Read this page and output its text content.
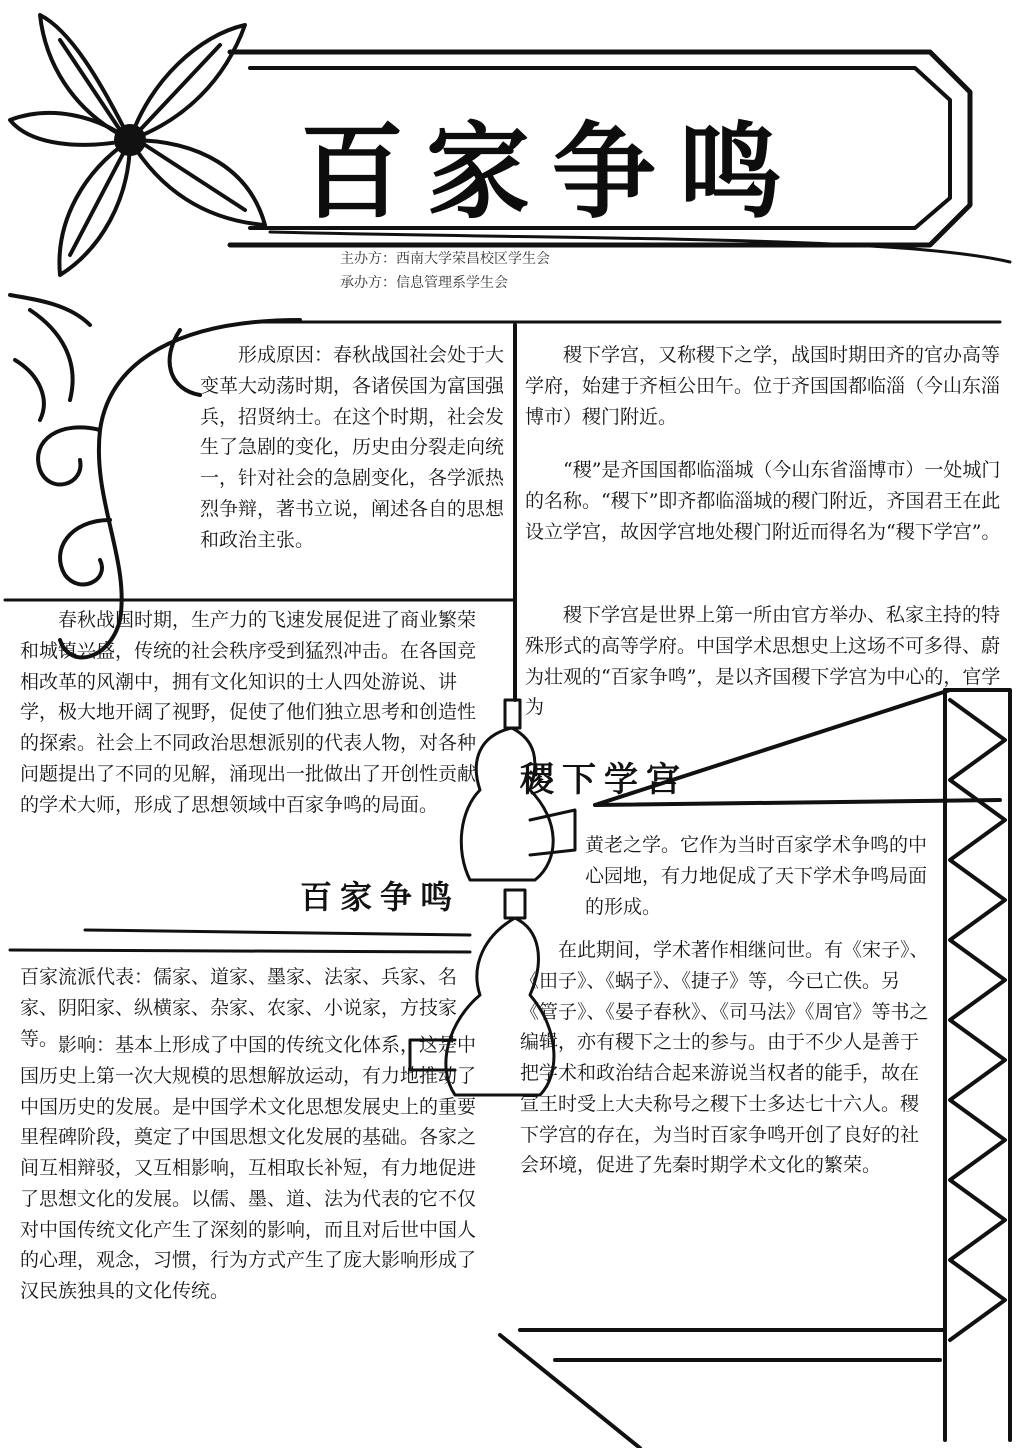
百家争鸣

主办方：西南大学荣昌校区学生会

承办方：信息管理系学生会

形成原因：春秋战国社会处于大变革大动荡时期，各诸侯国为富国强兵，招贤纳士。在这个时期，社会发生了急剧的变化，历史由分裂走向统一，针对社会的急剧变化，各学派热烈争辩，著书立说，阐述各自的思想和政治主张。

春秋战国时期，生产力的飞速发展促进了商业繁荣和城镇兴盛，传统的社会秩序受到猛烈冲击。在各国竞相改革的风潮中，拥有文化知识的士人四处游说、讲学，极大地开阔了视野，促使了他们独立思考和创造性的探索。社会上不同政治思想派别的代表人物，对各种问题提出了不同的见解，涌现出一批做出了开创性贡献的学术大师，形成了思想领域中百家争鸣的局面。

百家争鸣

百家流派代表：儒家、道家、墨家、法家、兵家、名家、阴阳家、纵横家、杂家、农家、小说家，方技家等。 影响：基本上形成了中国的传统文化体系，这是中国历史上第一次大规模的思想解放运动，有力地推动了中国历史的发展。是中国学术文化思想发展史上的重要里程碑阶段，奠定了中国思想文化发展的基础。各家之间互相辩驳，又互相影响，互相取长补短，有力地促进了思想文化的发展。以儒、墨、道、法为代表的它不仅对中国传统文化产生了深刻的影响，而且对后世中国人的心理，观念，习惯，行为方式产生了庞大影响形成了汉民族独具的文化传统。

稷下学宫，又称稷下之学，战国时期田齐的官办高等学府，始建于齐桓公田午。位于齐国国都临淄（今山东淄博市）稷门附近。

“稷”是齐国国都临淄城（今山东省淄博市）一处城门的名称。“稷下”即齐都临淄城的稷门附近，齐国君王在此设立学宫，故因学宫地处稷门附近而得名为“稷下学宫”。

稷下学宫是世界上第一所由官方举办、私家主持的特殊形式的高等学府。中国学术思想史上这场不可多得、蔚为壮观的“百家争鸣”，是以齐国稷下学宫为中心的，官学为

稷下学宫

黄老之学。它作为当时百家学术争鸣的中心园地，有力地促成了天下学术争鸣局面的形成。

在此期间，学术著作相继问世。有《宋子》、《田子》、《蜗子》、《捷子》等，今已亡佚。另《管子》、《晏子春秋》、《司马法》《周官》等书之编辑，亦有稷下之士的参与。由于不少人是善于把学术和政治结合起来游说当权者的能手，故在宣王时受上大夫称号之稷下士多达七十六人。稷下学宫的存在，为当时百家争鸣开创了良好的社会环境，促进了先秦时期学术文化的繁荣。
